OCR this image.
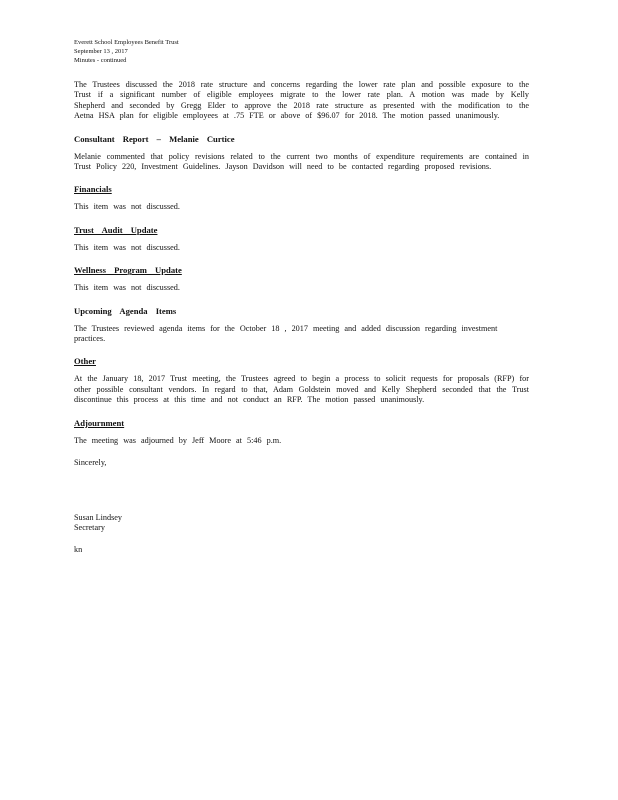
Everett School Employees Benefit Trust
September 13 , 2017
Minutes - continued

The Trustees discussed the 2018 rate structure and concerns regarding the lower rate plan and possible exposure to the Trust if a significant number of eligible employees migrate to the lower rate plan. A motion was made by Kelly Shepherd and seconded by Gregg Elder to approve the 2018 rate structure as presented with the modification to the Aetna HSA plan for eligible employees at .75 FTE or above of $96.07 for 2018. The motion passed unanimously.

Consultant Report – Melanie Curtice

Melanie commented that policy revisions related to the current two months of expenditure requirements are contained in Trust Policy 220, Investment Guidelines. Jayson Davidson will need to be contacted regarding proposed revisions.

Financials

This item was not discussed.

Trust Audit Update

This item was not discussed.

Wellness Program Update

This item was not discussed.

Upcoming Agenda Items

The Trustees reviewed agenda items for the October 18 , 2017 meeting and added discussion regarding investment practices.

Other

At the January 18, 2017 Trust meeting, the Trustees agreed to begin a process to solicit requests for proposals (RFP) for other possible consultant vendors. In regard to that, Adam Goldstein moved and Kelly Shepherd seconded that the Trust discontinue this process at this time and not conduct an RFP. The motion passed unanimously.

Adjournment

The meeting was adjourned by Jeff Moore at 5:46 p.m.

Sincerely,
Susan Lindsey
Secretary
kn
